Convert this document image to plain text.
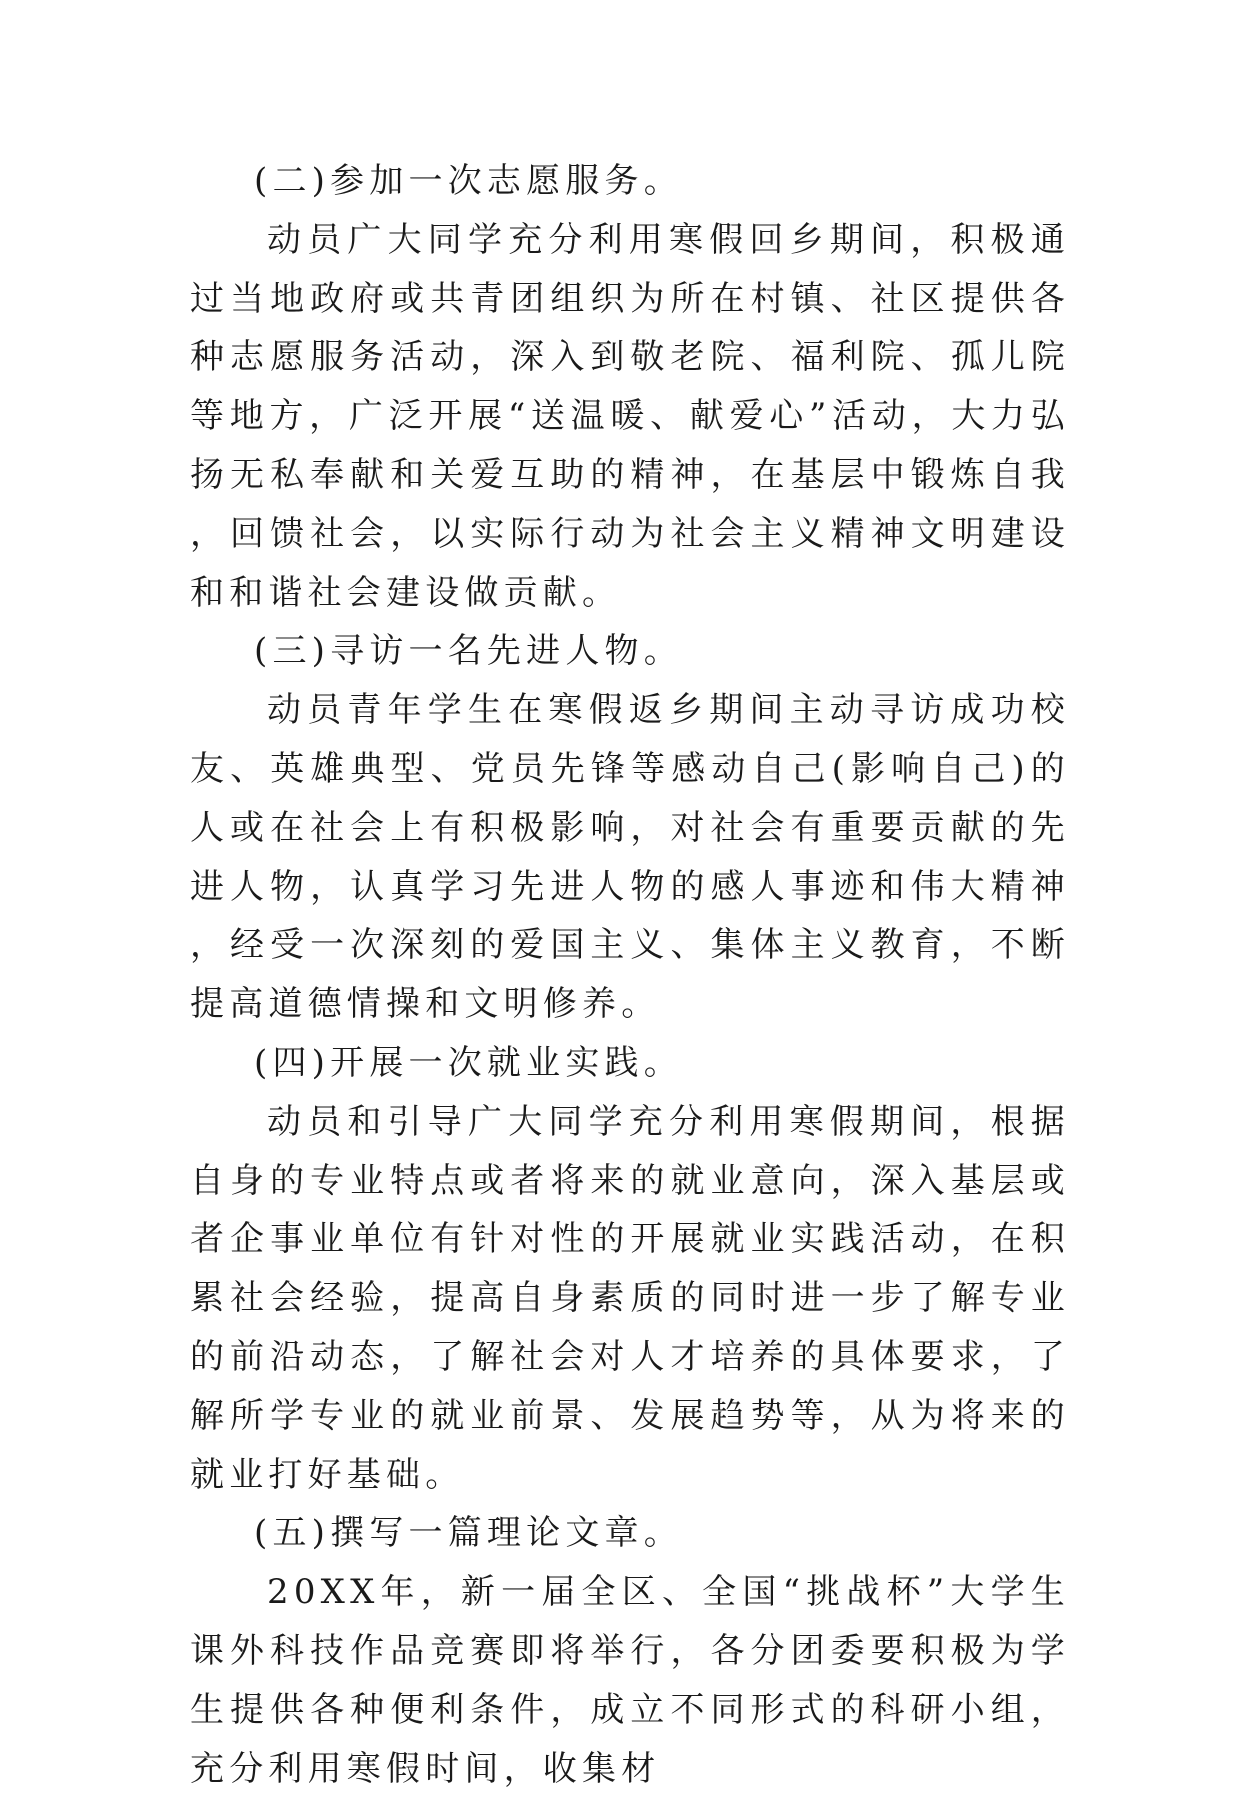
(二)参加一次志愿服务。

动员广大同学充分利用寒假回乡期间，积极通过当地政府或共青团组织为所在村镇、社区提供各种志愿服务活动，深入到敬老院、福利院、孤儿院等地方，广泛开展“送温暖、献爱心”活动，大力弘扬无私奉献和关爱互助的精神，在基层中锻炼自我，回馈社会，以实际行动为社会主义精神文明建设和和谐社会建设做贡献。

(三)寻访一名先进人物。

动员青年学生在寒假返乡期间主动寻访成功校友、英雄典型、党员先锋等感动自己(影响自己)的人或在社会上有积极影响，对社会有重要贡献的先进人物，认真学习先进人物的感人事迹和伟大精神，经受一次深刻的爱国主义、集体主义教育，不断提高道德情操和文明修养。

(四)开展一次就业实践。

动员和引导广大同学充分利用寒假期间，根据自身的专业特点或者将来的就业意向，深入基层或者企事业单位有针对性的开展就业实践活动，在积累社会经验，提高自身素质的同时进一步了解专业的前沿动态，了解社会对人才培养的具体要求，了解所学专业的就业前景、发展趋势等，从为将来的就业打好基础。

(五)撰写一篇理论文章。

20XX年，新一届全区、全国“挑战杯”大学生课外科技作品竞赛即将举行，各分团委要积极为学生提供各种便利条件，成立不同形式的科研小组，充分利用寒假时间，收集材
